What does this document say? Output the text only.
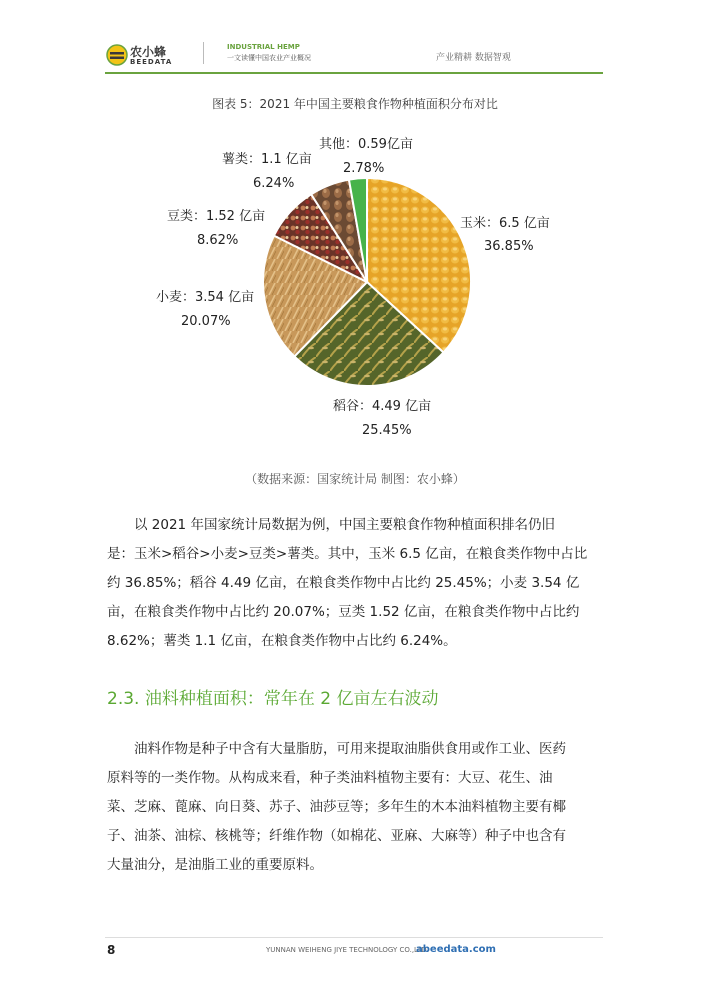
农小蜂
BEEDATA
INDUSTRIAL HEMP
一文读懂中国农业产业概况	产业精耕 数据智观
图表 5：2021 年中国主要粮食作物种植面积分布对比
玉米：6.5 亿亩
36.85%
稻谷：4.49 亿亩
25.45%
小麦：3.54 亿亩
20.07%
豆类：1.52 亿亩
8.62%
薯类：1.1 亿亩
6.24%
其他：0.59亿亩
2.78%
（数据来源：国家统计局 制图：农小蜂）
以 2021 年国家统计局数据为例，中国主要粮食作物种植面积排名仍旧
是：玉米>稻谷>小麦>豆类>薯类。其中，玉米 6.5 亿亩，在粮食类作物中占比
约 36.85%；稻谷 4.49 亿亩，在粮食类作物中占比约 25.45%；小麦 3.54 亿
亩，在粮食类作物中占比约 20.07%；豆类 1.52 亿亩，在粮食类作物中占比约
8.62%；薯类 1.1 亿亩，在粮食类作物中占比约 6.24%。
2.3. 油料种植面积：常年在 2 亿亩左右波动
油料作物是种子中含有大量脂肪，可用来提取油脂供食用或作工业、医药
原料等的一类作物。从构成来看，种子类油料植物主要有：大豆、花生、油
菜、芝麻、蓖麻、向日葵、苏子、油莎豆等；多年生的木本油料植物主要有椰
子、油茶、油棕、核桃等；纤维作物（如棉花、亚麻、大麻等）种子中也含有
大量油分，是油脂工业的重要原料。
8	YUNNAN WEIHENG JIYE TECHNOLOGY CO.,LTD.
abeedata.com
